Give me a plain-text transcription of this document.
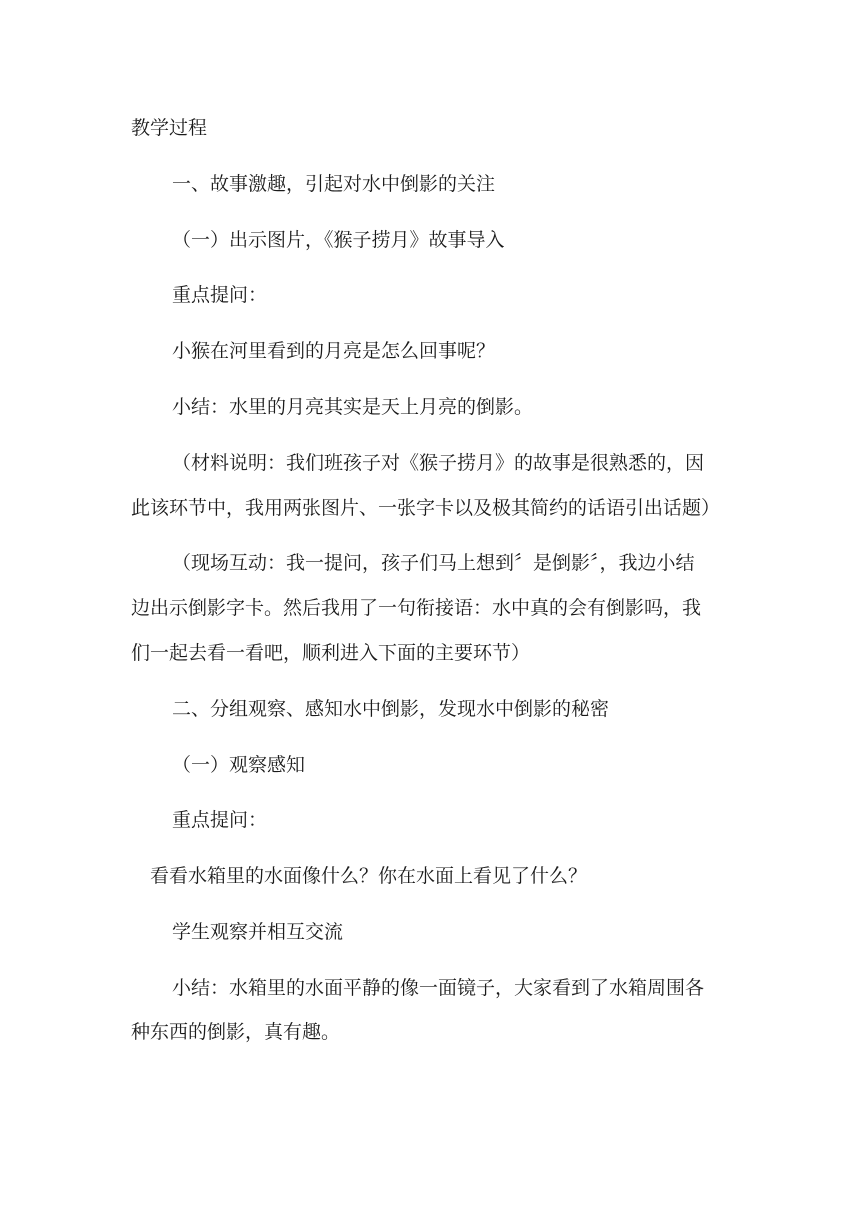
教学过程

一、故事激趣，引起对水中倒影的关注

（一）出示图片，《猴子捞月》故事导入

重点提问：

小猴在河里看到的月亮是怎么回事呢？

小结：水里的月亮其实是天上月亮的倒影。

（材料说明：我们班孩子对《猴子捞月》的故事是很熟悉的，因

此该环节中，我用两张图片、一张字卡以及极其简约的话语引出话题）

（现场互动：我一提问，孩子们马上想到〞是倒影〞，我边小结

边出示倒影字卡。然后我用了一句衔接语：水中真的会有倒影吗，我

们一起去看一看吧，顺利进入下面的主要环节）

二、分组观察、感知水中倒影，发现水中倒影的秘密

（一）观察感知

重点提问：

看看水箱里的水面像什么？你在水面上看见了什么？

学生观察并相互交流

小结：水箱里的水面平静的像一面镜子，大家看到了水箱周围各

种东西的倒影，真有趣。
